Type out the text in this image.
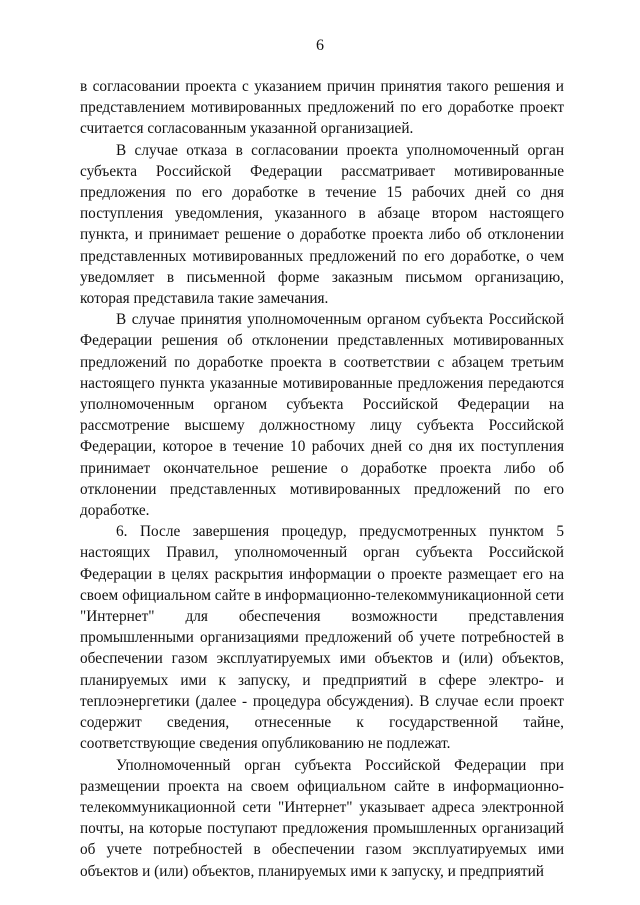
6

в согласовании проекта с указанием причин принятия такого решения и представлением мотивированных предложений по его доработке проект считается согласованным указанной организацией.

В случае отказа в согласовании проекта уполномоченный орган субъекта Российской Федерации рассматривает мотивированные предложения по его доработке в течение 15 рабочих дней со дня поступления уведомления, указанного в абзаце втором настоящего пункта, и принимает решение о доработке проекта либо об отклонении представленных мотивированных предложений по его доработке, о чем уведомляет в письменной форме заказным письмом организацию, которая представила такие замечания.

В случае принятия уполномоченным органом субъекта Российской Федерации решения об отклонении представленных мотивированных предложений по доработке проекта в соответствии с абзацем третьим настоящего пункта указанные мотивированные предложения передаются уполномоченным органом субъекта Российской Федерации на рассмотрение высшему должностному лицу субъекта Российской Федерации, которое в течение 10 рабочих дней со дня их поступления принимает окончательное решение о доработке проекта либо об отклонении представленных мотивированных предложений по его доработке.

6. После завершения процедур, предусмотренных пунктом 5 настоящих Правил, уполномоченный орган субъекта Российской Федерации в целях раскрытия информации о проекте размещает его на своем официальном сайте в информационно-телекоммуникационной сети "Интернет" для обеспечения возможности представления промышленными организациями предложений об учете потребностей в обеспечении газом эксплуатируемых ими объектов и (или) объектов, планируемых ими к запуску, и предприятий в сфере электро- и теплоэнергетики (далее - процедура обсуждения). В случае если проект содержит сведения, отнесенные к государственной тайне, соответствующие сведения опубликованию не подлежат.

Уполномоченный орган субъекта Российской Федерации при размещении проекта на своем официальном сайте в информационно-телекоммуникационной сети "Интернет" указывает адреса электронной почты, на которые поступают предложения промышленных организаций об учете потребностей в обеспечении газом эксплуатируемых ими объектов и (или) объектов, планируемых ими к запуску, и предприятий
